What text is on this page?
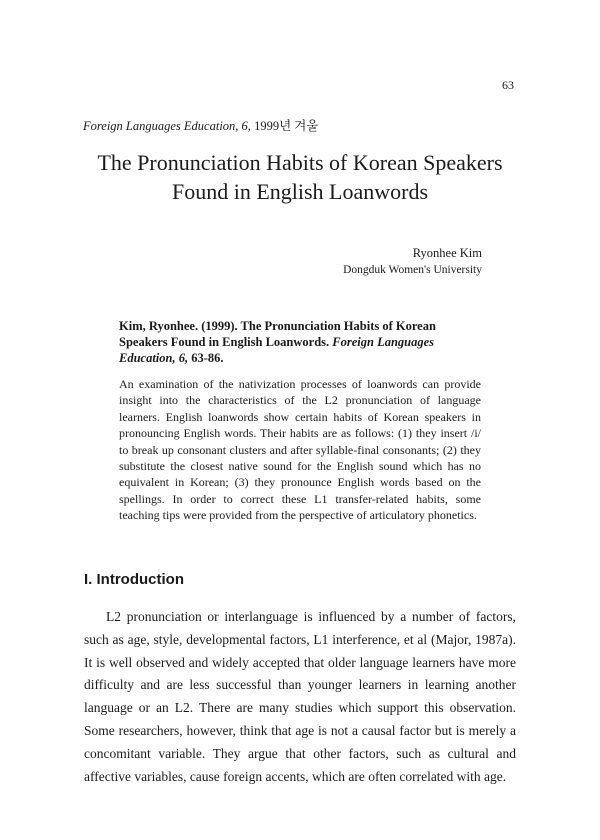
63
Foreign Languages Education, 6, 1999년 겨울
The Pronunciation Habits of Korean Speakers
Found in English Loanwords
Ryonhee Kim
Dongduk Women's University
Kim, Ryonhee. (1999). The Pronunciation Habits of Korean Speakers Found in English Loanwords. Foreign Languages Education, 6, 63-86.
An examination of the nativization processes of loanwords can provide insight into the characteristics of the L2 pronunciation of language learners. English loanwords show certain habits of Korean speakers in pronouncing English words. Their habits are as follows: (1) they insert /i/ to break up consonant clusters and after syllable-final consonants; (2) they substitute the closest native sound for the English sound which has no equivalent in Korean; (3) they pronounce English words based on the spellings. In order to correct these L1 transfer-related habits, some teaching tips were provided from the perspective of articulatory phonetics.
I. Introduction
L2 pronunciation or interlanguage is influenced by a number of factors, such as age, style, developmental factors, L1 interference, et al (Major, 1987a). It is well observed and widely accepted that older language learners have more difficulty and are less successful than younger learners in learning another language or an L2. There are many studies which support this observation. Some researchers, however, think that age is not a causal factor but is merely a concomitant variable. They argue that other factors, such as cultural and affective variables, cause foreign accents, which are often correlated with age.
